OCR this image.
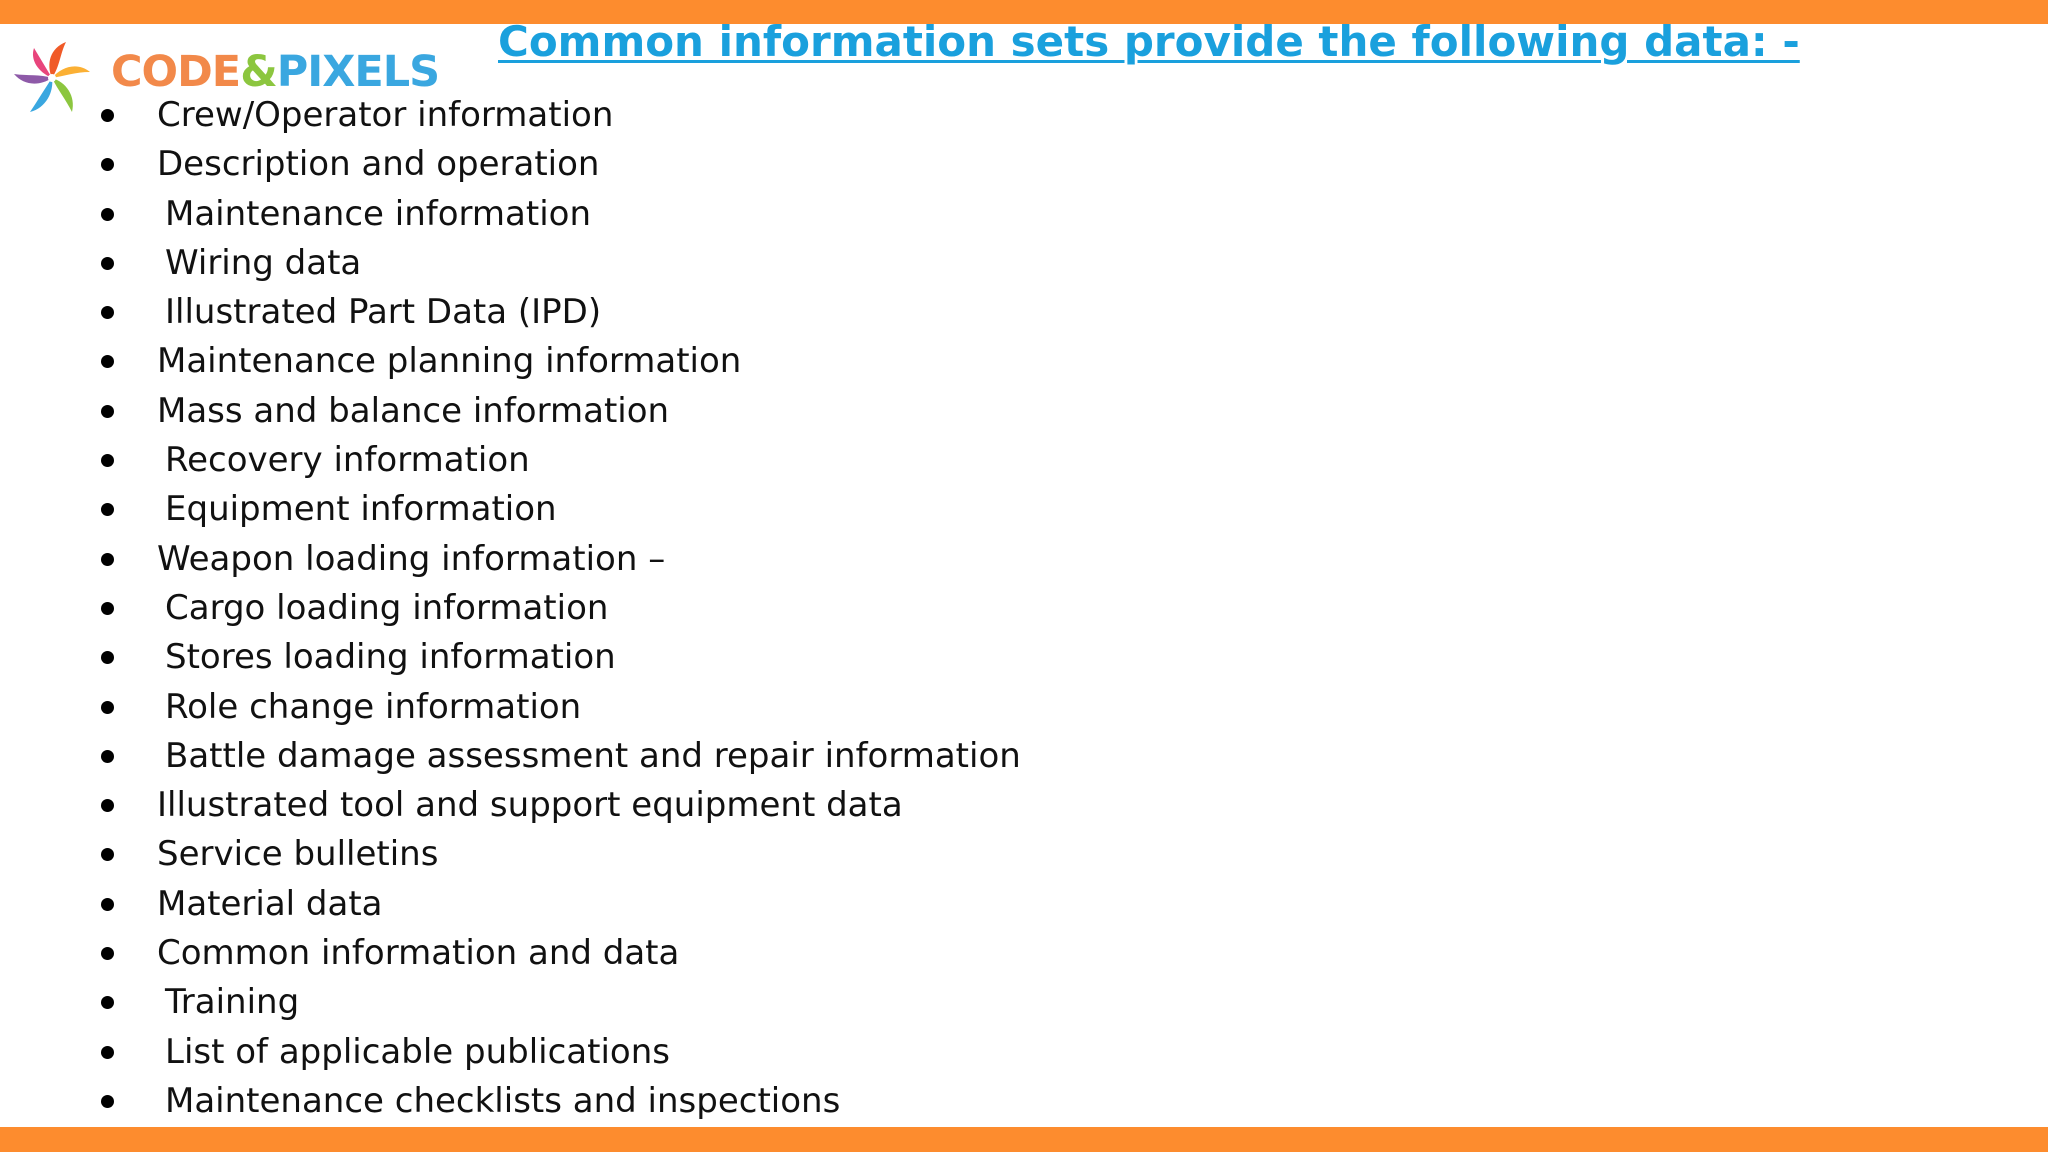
CODE&PIXELS
Common information sets provide the following data: -
Crew/Operator information
Description and operation
Maintenance information
Wiring data
Illustrated Part Data (IPD)
Maintenance planning information
Mass and balance information
Recovery information
Equipment information
Weapon loading information –
Cargo loading information
Stores loading information
Role change information
Battle damage assessment and repair information
Illustrated tool and support equipment data
Service bulletins
Material data
Common information and data
Training
List of applicable publications
Maintenance checklists and inspections
